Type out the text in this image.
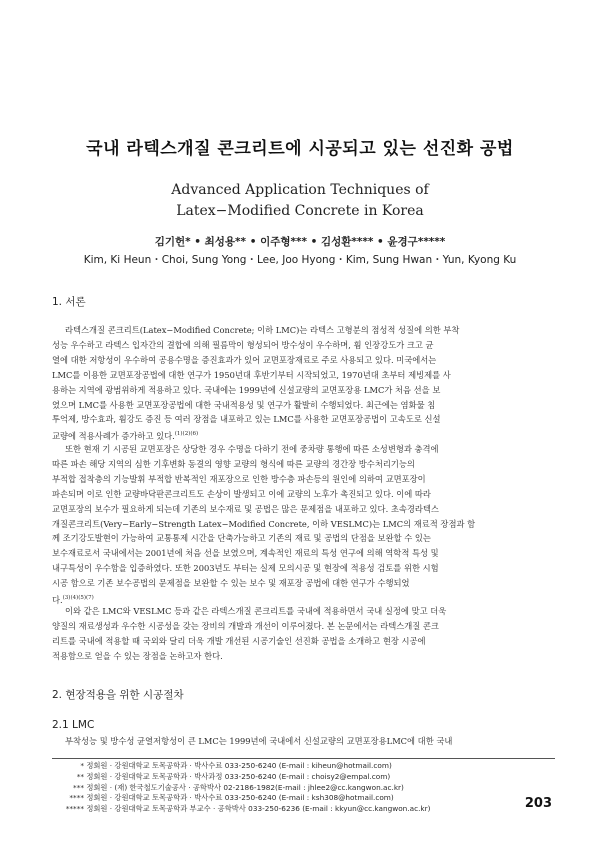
국내 라텍스개질 콘크리트에 시공되고 있는 선진화 공법
Advanced Application Techniques of
Latex−Modified Concrete in Korea
김기헌* • 최성용** • 이주형*** • 김성환**** • 윤경구*****
Kim, Ki Heun・Choi, Sung Yong・Lee, Joo Hyong・Kim, Sung Hwan・Yun, Kyong Ku
1. 서론
라텍스개질 콘크리트(Latex−Modified Concrete; 이하 LMC)는 라텍스 고형분의 점성적 성질에 의한 부착
성능 우수하고 라텍스 입자간의 결합에 의해 필름막이 형성되어 방수성이 우수하며, 휨 인장강도가 크고 균
열에 대한 저항성이 우수하여 공용수명을 증진효과가 있어 교면포장재료로 주로 사용되고 있다. 미국에서는
LMC를 이용한 교면포장공법에 대한 연구가 1950년대 후반기부터 시작되었고, 1970년대 초부터 제빙제를 사
용하는 지역에 광범위하게 적용하고 있다. 국내에는 1999년에 신설교량의 교면포장용 LMC가 처음 선을 보
였으며 LMC를 사용한 교면포장공법에 대한 국내적용성 및 연구가 활발히 수행되었다. 최근에는 염화물 침
투억제, 방수효과, 휨강도 증진 등 여러 장점을 내포하고 있는 LMC를 사용한 교면포장공법이 고속도로 신설
교량에 적용사례가 증가하고 있다.$^{(1)(2)(6)}$
또한 현재 기 시공된 교면포장은 상당한 경우 수명을 다하기 전에 중차량 통행에 따른 소성변형과 충격에
따른 파손 해당 지역의 심한 기후변화 동결의 영향 교량의 형식에 따른 교량의 경간장 방수처리기능의
부적합 접착층의 기능발휘 부적합 반복적인 재포장으로 인한 방수층 파손등의 원인에 의하여 교면포장이
파손되며 이로 인한 교량바닥판콘크리트도 손상이 발생되고 이에 교량의 노후가 촉진되고 있다. 이에 따라
교면포장의 보수가 필요하게 되는데 기존의 보수재료 및 공법은 많은 문제점을 내포하고 있다. 초속경라텍스
개질콘크리트(Very−Early−Strength Latex−Modified Concrete, 이하 VESLMC)는 LMC의 재료적 장점과 함
께 조기강도발현이 가능하여 교통통제 시간을 단축가능하고 기존의 재료 및 공법의 단점을 보완할 수 있는
보수재료로서 국내에서는 2001년에 처음 선을 보였으며, 계속적인 재료의 특성 연구에 의해 역학적 특성 및
내구특성이 우수함을 입증하였다. 또한 2003년도 부터는 실제 모의시공 및 현장에 적용성 검토를 위한 시험
시공 함으로 기존 보수공법의 문제점을 보완할 수 있는 보수 및 재포장 공법에 대한 연구가 수행되었
다.$^{(3)(4)(5)(7)}$
이와 같은 LMC와 VESLMC 등과 같은 라텍스개질 콘크리트를 국내에 적용하면서 국내 실정에 맞고 더욱
양질의 재료생성과 우수한 시공성을 갖는 장비의 개발과 개선이 이루어졌다. 본 논문에서는 라텍스개질 콘크
리트를 국내에 적용할 때 국외와 달리 더욱 개발 개선된 시공기술인 선진화 공법을 소개하고 현장 시공에
적용함으로 얻을 수 있는 장점을 논하고자 한다.
2. 현장적용을 위한 시공절차
2.1 LMC
부착성능 및 방수성 균열저항성이 큰 LMC는 1999년에 국내에서 신설교량의 교면포장용LMC에 대한 국내
* 정회원 · 강원대학교 토목공학과 · 박사수료 033-250-6240 (E-mail : kiheun@hotmail.com)
** 정회원 · 강원대학교 토목공학과 · 박사과정 033-250-6240 (E-mail : choisy2@empal.com)
*** 정회원 · (재) 한국철도기술공사 · 공학박사 02-2186-1982(E-mail : jhlee2@cc.kangwon.ac.kr)
**** 정회원 · 강원대학교 토목공학과 · 박사수료 033-250-6240 (E-mail : ksh308@hotmail.com)
***** 정회원 · 강원대학교 토목공학과 부교수 · 공학박사 033-250-6236 (E-mail : kkyun@cc.kangwon.ac.kr)	203
